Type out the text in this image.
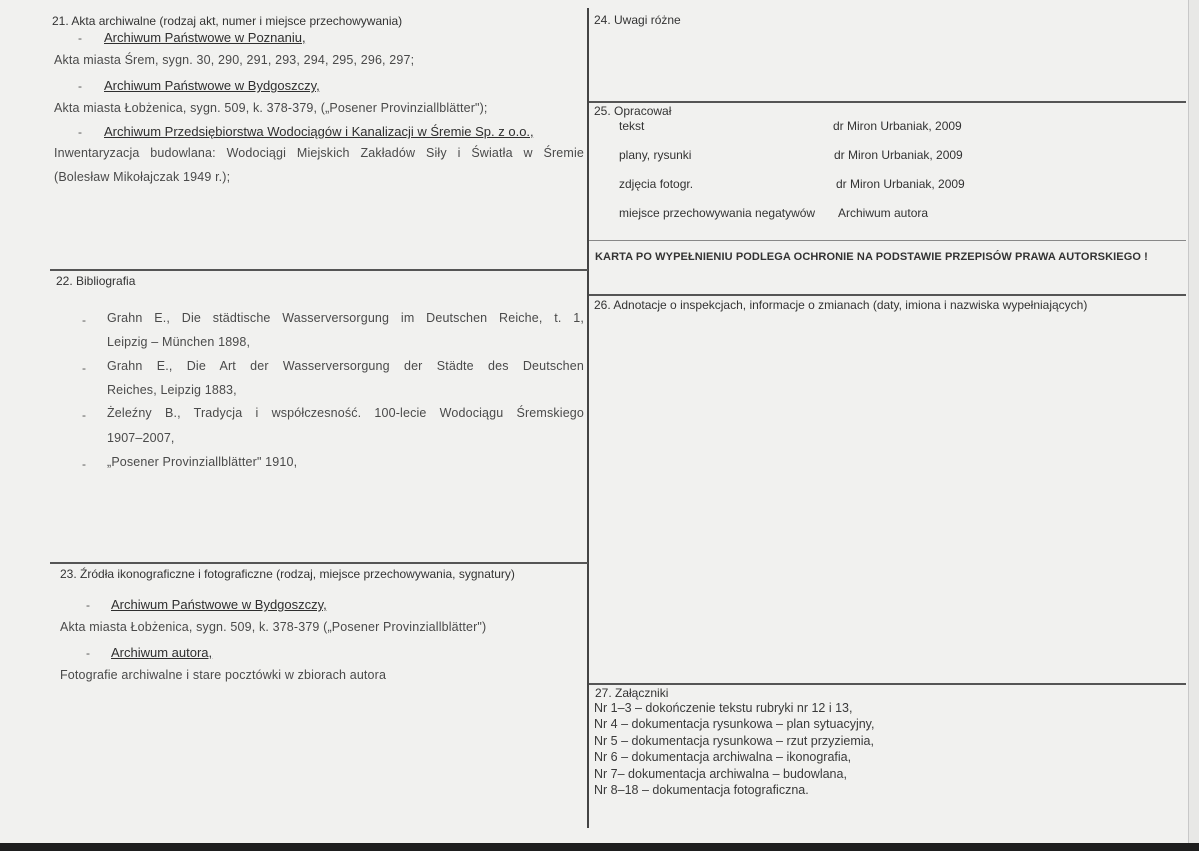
21. Akta archiwalne (rodzaj akt, numer i miejsce przechowywania)
- Archiwum Państwowe w Poznaniu,
Akta miasta Śrem, sygn. 30, 290, 291, 293, 294, 295, 296, 297;
- Archiwum Państwowe w Bydgoszczy,
Akta miasta Łobżenica, sygn. 509, k. 378-379, („Posener Provinziallblätter");
- Archiwum Przedsiębiorstwa Wodociągów i Kanalizacji w Śremie Sp. z o.o.,
Inwentaryzacja budowlana: Wodociągi Miejskich Zakładów Siły i Światła w Śremie
(Bolesław Mikołajczak 1949 r.);
22. Bibliografia
- Grahn E., Die städtische Wasserversorgung im Deutschen Reiche, t. 1,
Leipzig – München 1898,
- Grahn E., Die Art der Wasserversorgung der Städte des Deutschen
Reiches, Leipzig 1883,
- Żeleźny B., Tradycja i współczesność. 100-lecie Wodociągu Śremskiego
1907–2007,
- „Posener Provinziallblätter" 1910,
23. Źródła ikonograficzne i fotograficzne (rodzaj, miejsce przechowywania, sygnatury)
- Archiwum Państwowe w Bydgoszczy,
Akta miasta Łobżenica, sygn. 509, k. 378-379 („Posener Provinziallblätter")
- Archiwum autora,
Fotografie archiwalne i stare pocztówki w zbiorach autora
24. Uwagi różne
25. Opracował
tekst	dr Miron Urbaniak, 2009
plany, rysunki	dr Miron Urbaniak, 2009
zdjęcia fotogr.	dr Miron Urbaniak, 2009
miejsce przechowywania negatywów Archiwum autora
KARTA PO WYPEŁNIENIU PODLEGA OCHRONIE NA PODSTAWIE PRZEPISÓW PRAWA AUTORSKIEGO !
26. Adnotacje o inspekcjach, informacje o zmianach (daty, imiona i nazwiska wypełniających)
27. Załączniki
Nr 1–3 – dokończenie tekstu rubryki nr 12 i 13,
Nr 4 – dokumentacja rysunkowa – plan sytuacyjny,
Nr 5 – dokumentacja rysunkowa – rzut przyziemia,
Nr 6 – dokumentacja archiwalna – ikonografia,
Nr 7– dokumentacja archiwalna – budowlana,
Nr 8–18 – dokumentacja fotograficzna.
